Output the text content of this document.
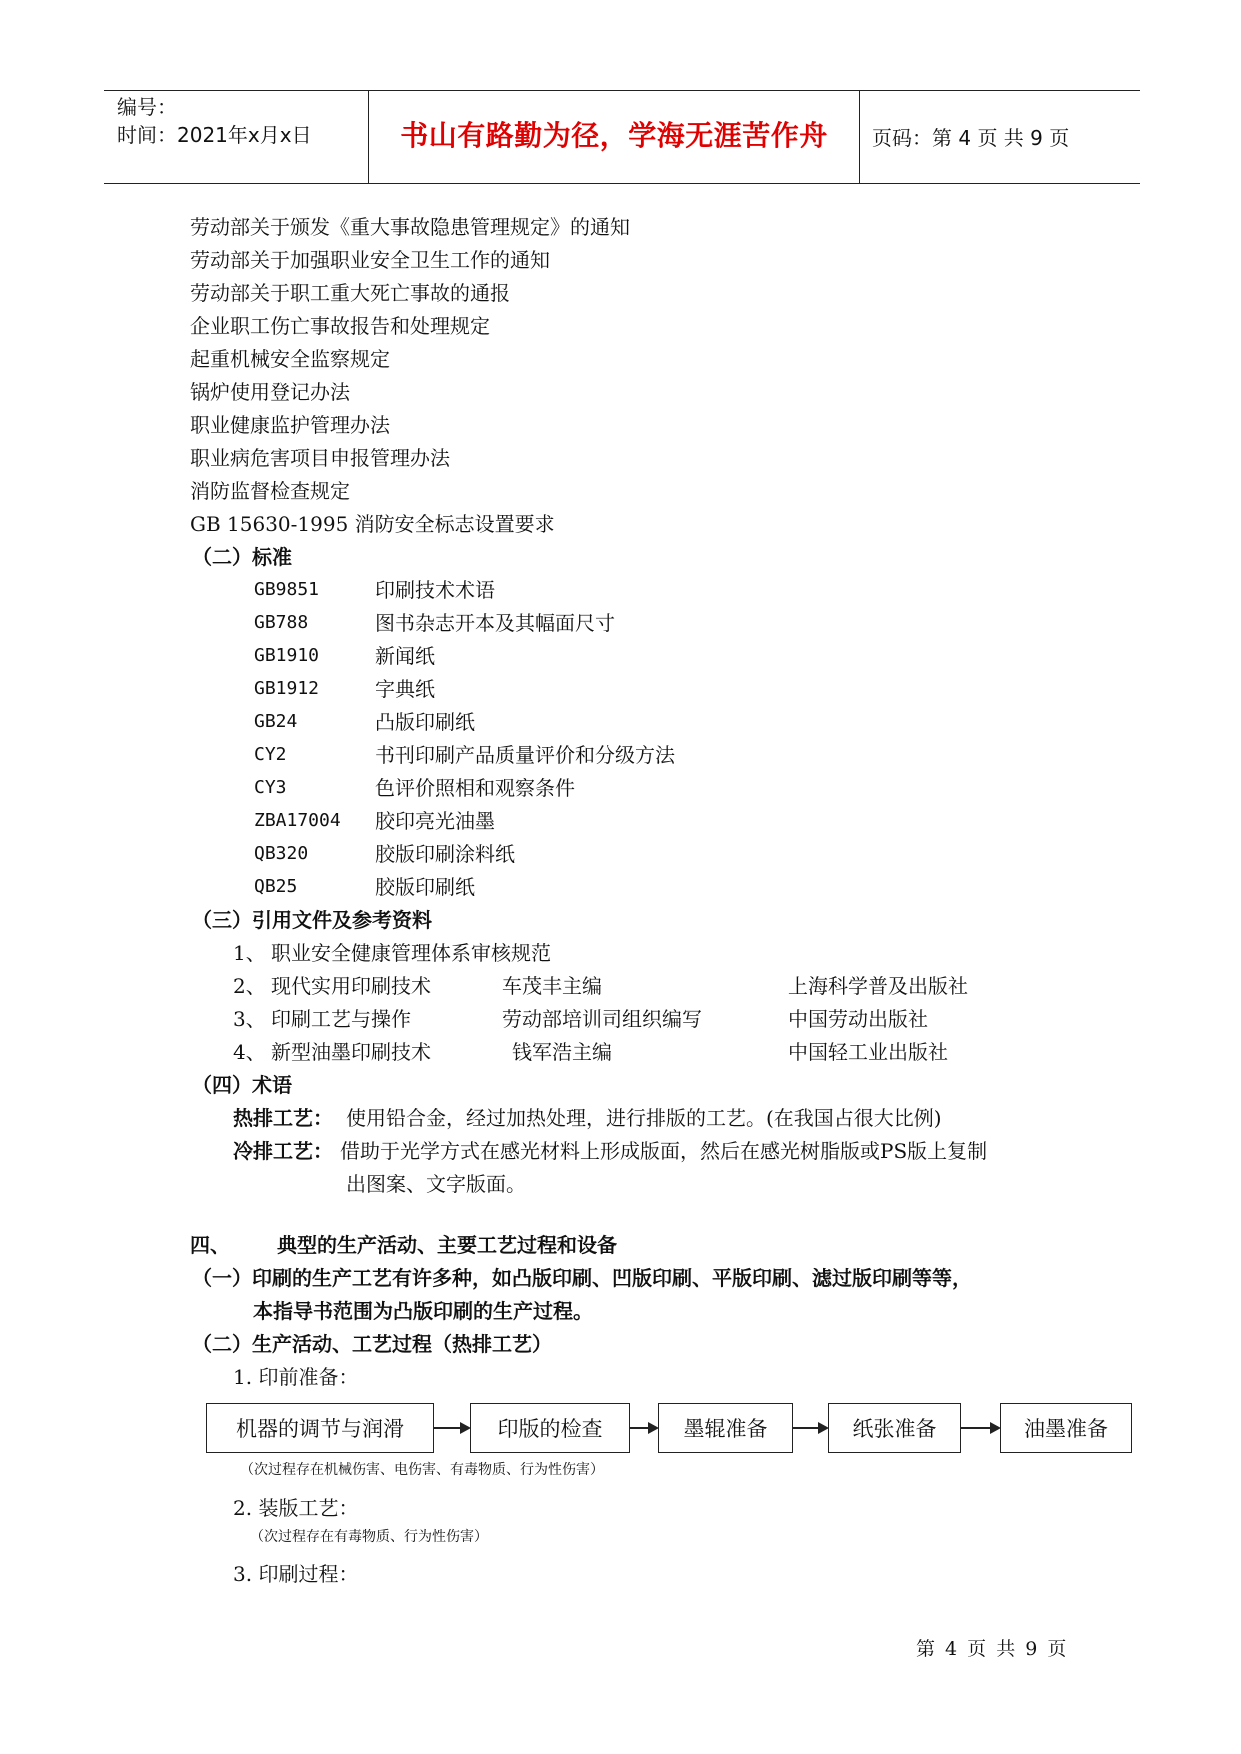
编号：
时间：2021年x月x日	书山有路勤为径，学海无涯苦作舟	页码：第 4 页 共 9 页
劳动部关于颁发《重大事故隐患管理规定》的通知
劳动部关于加强职业安全卫生工作的通知
劳动部关于职工重大死亡事故的通报
企业职工伤亡事故报告和处理规定
起重机械安全监察规定
锅炉使用登记办法
职业健康监护管理办法
职业病危害项目申报管理办法
消防监督检查规定
GB 15630-1995 消防安全标志设置要求
（二）标准
GB9851	印刷技术术语
GB788	图书杂志开本及其幅面尺寸
GB1910	新闻纸
GB1912	字典纸
GB24	凸版印刷纸
CY2	书刊印刷产品质量评价和分级方法
CY3	色评价照相和观察条件
ZBA17004 胶印亮光油墨
QB320	胶版印刷涂料纸
QB25	胶版印刷纸
（三）引用文件及参考资料
1、 职业安全健康管理体系审核规范
2、 现代实用印刷技术	车茂丰主编	上海科学普及出版社
3、 印刷工艺与操作	劳动部培训司组织编写	中国劳动出版社
4、 新型油墨印刷技术	钱军浩主编	中国轻工业出版社
（四）术语
热排工艺： 使用铅合金，经过加热处理，进行排版的工艺。(在我国占很大比例)
冷排工艺： 借助于光学方式在感光材料上形成版面，然后在感光树脂版或PS版上复制
出图案、文字版面。
四、 典型的生产活动、主要工艺过程和设备
（一）印刷的生产工艺有许多种，如凸版印刷、凹版印刷、平版印刷、滤过版印刷等等，
本指导书范围为凸版印刷的生产过程。
（二）生产活动、工艺过程（热排工艺）
1. 印前准备：
机器的调节与润滑	印版的检查	墨辊准备	纸张准备	油墨准备
（次过程存在机械伤害、电伤害、有毒物质、行为性伤害）
2. 装版工艺：
（次过程存在有毒物质、行为性伤害）
3. 印刷过程：
第 4 页 共 9 页
